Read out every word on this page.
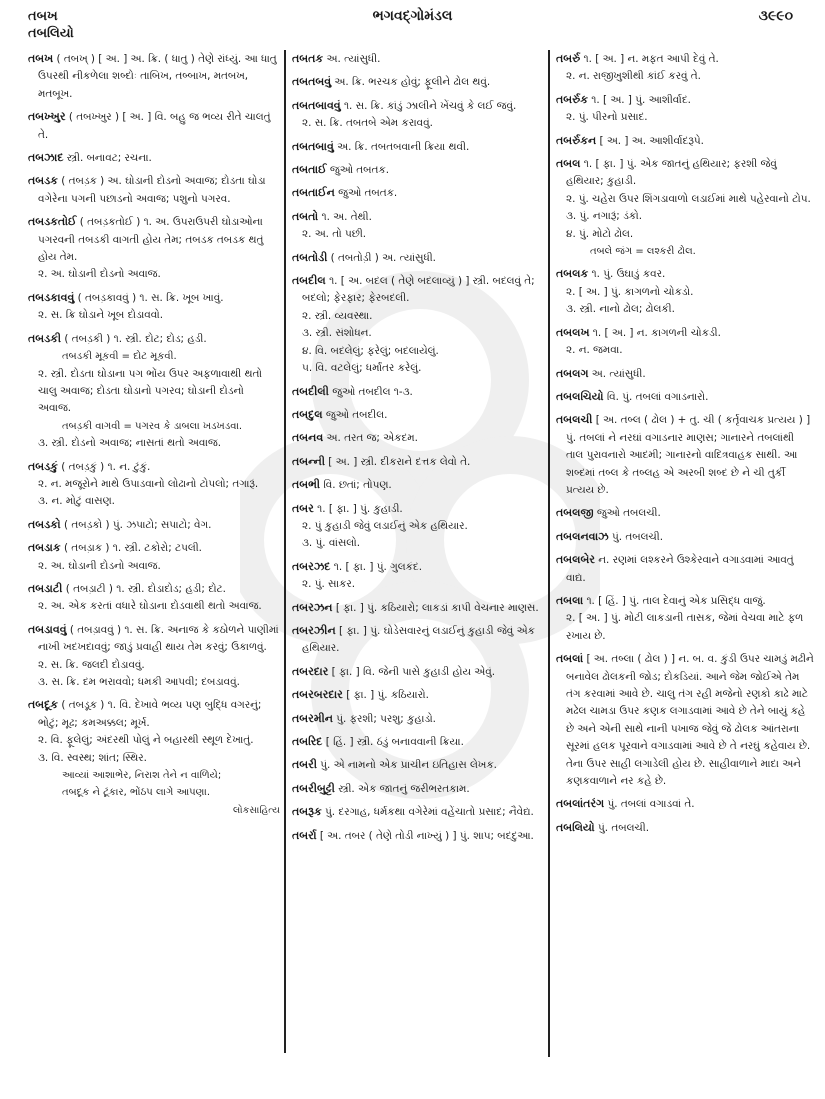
તબખ
તબલિયો
ભગવદ્ગોમંડલ	૩૯૯૦

તબખ ( તબખ્ ) [ અ. ] અ. ક્રિ. ( ધાતુ ) તેણે રાંધ્યું. આ ધાતુ ઉપરથી નીકળેલા શબ્દોઃ તાબિખ, તબ્બાખ, મતબખ, મતબૂખ.

તબખ્ખુર ( તબખ્ખુર ) [ અ. ] વિ. બહુ જ ભવ્ય રીતે ચાલતું તે.

તબઝાદ સ્ત્રી. બનાવટ; રચના.

તબડક ( તબડ઼ક ) અ. ઘોડાની દોડનો અવાજ; દોડતા ઘોડા વગેરેના પગની પછાડનો અવાજ; પશુનો પગરવ.

તબડકતોઈ ( તબડ઼કતોઈ ) ૧. અ. ઉપરાઉપરી ઘોડાઓના પગરવની તબડકી વાગતી હોય તેમ; તબડક તબડક થતું હોય તેમ.

૨. અ. ઘોડાની દોડનો અવાજ.

તબડકાવવું ( તબડ઼કાવવું ) ૧. સ. ક્રિ. ખૂબ ખાવું.

૨. સ. ક્રિ ઘોડાને ખૂબ દોડાવવો.

તબડકી ( તબડ઼કી ) ૧. સ્ત્રી. દોટ; દોડ; હડી.

તબડકી મૂકવી = દોટ મૂકવી.

૨. સ્ત્રી. દોડતા ઘોડાના પગ ભોંય ઉપર અફળાવાથી થતો ચાલુ અવાજ; દોડતા ઘોડાનો પગરવ; ઘોડાની દોડનો અવાજ.

તબડ઼કી વાગવી = પગરવ કે ડાબલા ખડખડવા.

૩. સ્ત્રી. દોડનો અવાજ; નાસતાં થતો અવાજ.

તબડકું ( તબડ઼કું ) ૧. ન. ટુંકું.

૨. ન. મજૂરોને માથે ઉપાડવાનો લોઢાનો ટોપલો; તગારૂં.

૩. ન. મોટું વાસણ.

તબડકો ( તબડ઼કો ) પું. ઝપાટો; સપાટો; વેગ.

તબડાક ( તબડ઼ાક ) ૧. સ્ત્રી. ટકોરો; ટપલી.

૨. અ. ઘોડાની દોડનો અવાજ.

તબડાટી ( તબડ઼ાટી ) ૧. સ્ત્રી. દોડાદોડ; હડી; દોટ.

૨. અ. એક કરતાં વધારે ઘોડાના દોડવાથી થતો અવાજ.

તબડાવવું ( તબડ઼ાવવું ) ૧. સ. ક્રિ. અનાજ કે કઠોળને પાણીમાં નાખી ખદખદાવવું; જાડું પ્રવાહી થાય તેમ કરવું; ઉકાળવું.

૨. સ. ક્રિ. જલદી દોડાવવું.

૩. સ. ક્રિ. દમ ભરાવવો; ધમકી આપવી; દબડાવવું.

તબદૂક ( તબડ઼ૂક ) ૧. વિ. દેખાવે ભવ્ય પણ બુદ્ધિ વગરનું; ભોટું; મૂઢ; કમઅક્કલ; મૂર્ખ.

૨. વિ. ફૂલેલું; અંદરથી પોલું ને બહારથી સ્થૂળ દેખાતું.

૩. વિ. સ્વસ્થ; શાંત; સ્થિર.

આવ્યાં આશાભેર, નિરાશ તેને ન વાળિયે;

તબદૂક ને ટૂંકાર, ભોંઠપ લાગે આપણા.

લોકસાહિત્ય

તબતક અ. ત્યાંસુધી.

તબતબવું અ. ક્રિ. ભરચક હોવું; ફૂલીને ઢોલ થવું.

તબતબાવવું ૧. સ. ક્રિ. કાંડું ઝાલીને ખેંચવું કે લઈ જવું.

૨. સ. ક્રિ. તબતબે એમ કરાવવું.

તબતબાવું અ. ક્રિ. તબતબવાની ક્રિયા થવી.

તબતાઈ જુઓ તબતક.

તબતાઈન જુઓ તબતક.

તબતો ૧. અ. તેથી.

૨. અ. તો પછી.

તબતોડી ( તબતોડ઼ી ) અ. ત્યાંસુધી.

તબદીલ ૧. [ અ. બદલ ( તેણે બદલાવ્યું ) ] સ્ત્રી. બદલવું તે; બદલો; ફેરફાર; ફેરબદલી.

૨. સ્ત્રી. વ્યવસ્થા.

૩. સ્ત્રી. સંશોધન.

૪. વિ. બદલેલું; ફરેલું; બદલાયેલું.

૫. વિ. વટલેલું; ધર્માંતર કરેલું.

તબદીલી જુઓ તબદીલ ૧-૩.

તબદુલ જુઓ તબદીલ.

તબનવ અ. તરત જ; એકદમ.

તબન્ની [ અ. ] સ્ત્રી. દીકરાને દત્તક લેવો તે.

તબભી વિ. છતાં; તોપણ.

તબર ૧. [ ફા. ] પું. કુહાડી.

૨. પું કુહાડી જેવું લડાઈનું એક હથિયાર.

૩. પું. વાંસલો.

તબરઝદ ૧. [ ફા. ] પું. ગુલકંદ.

૨. પું. સાકર.

તબરઝન [ ફા. ] પું. કઠિયારો; લાકડાં કાપી વેચનાર માણસ.

તબરઝીન [ ફા. ] પું. ઘોડેસવારનું લડાઈનું કુહાડી જેવું એક હથિયાર.

તબરદાર [ ફા. ] વિ. જેની પાસે કુહાડી હોય એવું.

તબરબરદાર [ ફા. ] પું. કઠિયારો.

તબરમીન પું. ફરશી; પરશુ; કુહાડો.

તબરિદ [ હિં. ] સ્ત્રી. ઠંડું બનાવવાની ક્રિયા.

તબરી પું. એ નામનો એક પ્રાચીન ઇતિહાસ લેખક.

તબરીબુટ્ટી સ્ત્રી. એક જાતનું જરીભરતકામ.

તબરૂક પું. દરગાહ, ધર્મકથા વગેરેમાં વહેંચાતો પ્રસાદ; નૈવેદ્ય.

તબર્રા [ અ. તબર ( તેણે તોડી નાખ્યું ) ] પું. શાપ; બદદુઆ.

તબર્રુ ૧. [ અ. ] ન. મફત આપી દેવું તે.

૨. ન. રાજીખુશીથી કાંઈ કરવું તે.

તબર્રુક ૧. [ અ. ] પું. આશીર્વાદ.

૨. પું. પીરનો પ્રસાદ.

તબર્રુકન [ અ. ] અ. આશીર્વાદરૂપે.

તબલ ૧. [ ફા. ] પું. એક જાતનું હથિયાર; ફરશી જેવું હથિયાર; કુહાડી.

૨. પું. ચહેરા ઉપર શિંગડાવાળો લડાઈમાં માથે પહેરવાનો ટોપ.

૩. પું. નગારૂં; ડંકો.

૪. પું. મોટો ઢોલ.

તબલે જંગ = લશ્કરી ઢોલ.

તબલક ૧. પું. ઉઘાડું કવર.

૨. [ અ. ] પું. કાગળનો ચોકડો.

૩. સ્ત્રી. નાનો ઢોલ; ઢોલકી.

તબલખ ૧. [ અ. ] ન. કાગળની ચોકડી.

૨. ન. જમવા.

તબલગ અ. ત્યાંસુધી.

તબલચિયો વિ. પું. તબલાં વગાડનારો.

તબલચી [ અ. તબ્લ ( ઢોલ ) + તુ. ચી ( કર્તૃવાચક પ્રત્યય ) ] પું. તબલાં ને નરઘાં વગાડનાર માણસ; ગાનારને તબલાંથી તાલ પુરાવનારો આદમી; ગાનારનો વાદિત્રવાહક સાથી. આ શબ્દમાં તબ્લ કે તબ્લહ એ અરબી શબ્દ છે ને ચી તુર્કી પ્રત્યય છે.

તબલજી જુઓ તબલચી.

તબલનવાઝ પું. તબલચી.

તબલબેર ન. રણમાં લશ્કરને ઉશ્કેરવાને વગાડવામાં આવતું વાદ્ય.

તબલા ૧. [ હિં. ] પું. તાલ દેવાનું એક પ્રસિદ્ધ વાજું.

૨. [ અ. ] પું. મોટી લાકડાની તાસક, જેમાં વેચવા માટે ફળ રખાય છે.

તબલાં [ અ. તબ્લા ( ઢોલ ) ] ન. બ. વ. કુંડી ઉપર ચામડું મઢીને બનાવેલ ઢોલકની જોડ; દોકડિયાં. આને જેમ જોઈએ તેમ તંગ કરવામાં આવે છે. ચાલુ તંગ રહી મજેનો રણકો કાઢે માટે મઢેલ ચામડા ઉપર કણક લગાડવામાં આવે છે તેને બાયું કહે છે અને એની સાથે નાની પખાજ જેવું જે ઢોલક આંતરાના સૂરમાં હલક પૂરવાને વગાડવામાં આવે છે તે નરઘું કહેવાય છે. તેના ઉપર સાહી લગાડેલી હોય છે. સાહીવાળાને માદા અને કણકવાળાને નર કહે છે.

તબલાંતરંગ પું. તબલાં વગાડવાં તે.

તબલિયો પું. તબલચી.
